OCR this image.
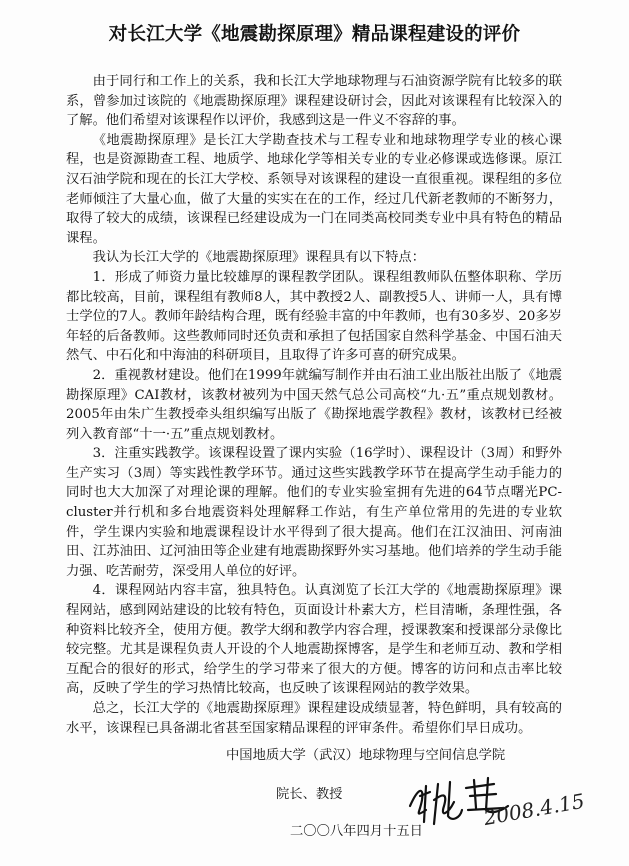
对长江大学《地震勘探原理》精品课程建设的评价

由于同行和工作上的关系，我和长江大学地球物理与石油资源学院有比较多的联系，曾参加过该院的《地震勘探原理》课程建设研讨会，因此对该课程有比较深入的了解。他们希望对该课程作以评价，我感到这是一件义不容辞的事。

《地震勘探原理》是长江大学勘查技术与工程专业和地球物理学专业的核心课程，也是资源勘查工程、地质学、地球化学等相关专业的专业必修课或选修课。原江汉石油学院和现在的长江大学校、系领导对该课程的建设一直很重视。课程组的多位老师倾注了大量心血，做了大量的实实在在的工作，经过几代新老教师的不断努力，取得了较大的成绩，该课程已经建设成为一门在同类高校同类专业中具有特色的精品课程。

我认为长江大学的《地震勘探原理》课程具有以下特点：

1．形成了师资力量比较雄厚的课程教学团队。课程组教师队伍整体职称、学历都比较高，目前，课程组有教师8人，其中教授2人、副教授5人、讲师一人，具有博士学位的7人。教师年龄结构合理，既有经验丰富的中年教师，也有30多岁、20多岁年轻的后备教师。这些教师同时还负责和承担了包括国家自然科学基金、中国石油天然气、中石化和中海油的科研项目，且取得了许多可喜的研究成果。

2．重视教材建设。他们在1999年就编写制作并由石油工业出版社出版了《地震勘探原理》CAI教材，该教材被列为中国天然气总公司高校“九·五”重点规划教材。2005年由朱广生教授牵头组织编写出版了《勘探地震学教程》教材，该教材已经被列入教育部“十一·五”重点规划教材。

3．注重实践教学。该课程设置了课内实验（16学时）、课程设计（3周）和野外生产实习（3周）等实践性教学环节。通过这些实践教学环节在提高学生动手能力的同时也大大加深了对理论课的理解。他们的专业实验室拥有先进的64节点曙光PC-cluster并行机和多台地震资料处理解释工作站，有生产单位常用的先进的专业软件，学生课内实验和地震课程设计水平得到了很大提高。他们在江汉油田、河南油田、江苏油田、辽河油田等企业建有地震勘探野外实习基地。他们培养的学生动手能力强、吃苦耐劳，深受用人单位的好评。

4．课程网站内容丰富，独具特色。认真浏览了长江大学的《地震勘探原理》课程网站，感到网站建设的比较有特色，页面设计朴素大方，栏目清晰，条理性强，各种资料比较齐全，使用方便。教学大纲和教学内容合理，授课教案和授课部分录像比较完整。尤其是课程负责人开设的个人地震勘探博客，是学生和老师互动、教和学相互配合的很好的形式，给学生的学习带来了很大的方便。博客的访问和点击率比较高，反映了学生的学习热情比较高，也反映了该课程网站的教学效果。

总之，长江大学的《地震勘探原理》课程建设成绩显著，特色鲜明，具有较高的水平，该课程已具备湖北省甚至国家精品课程的评审条件。希望你们早日成功。

中国地质大学（武汉）地球物理与空间信息学院
院长、教授
二〇〇八年四月十五日
2008.4.15
